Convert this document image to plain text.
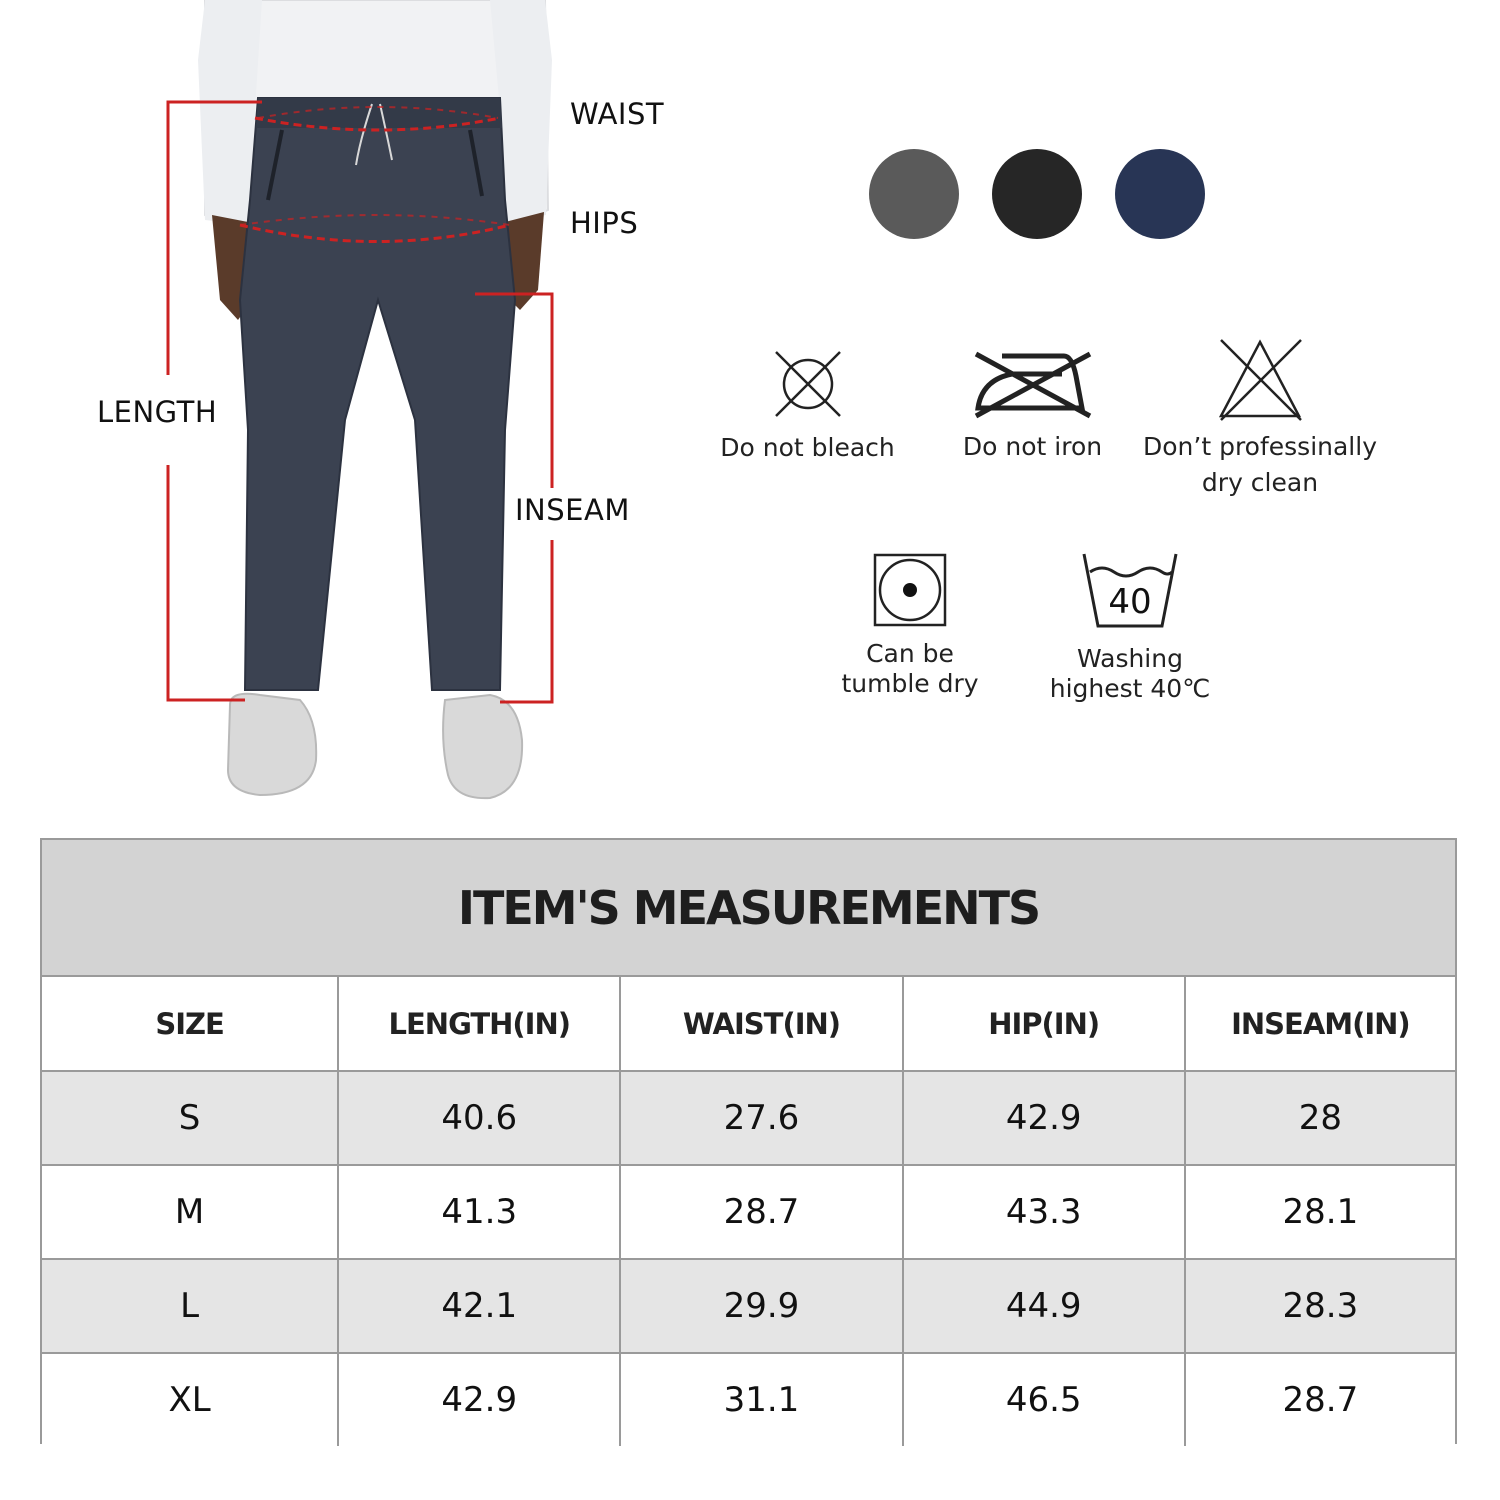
WAIST
HIPS
LENGTH
INSEAM
Do not bleach	Do not iron	Don’t professinally
dry clean
Can be
tumble dry
40
Washing
highest 40℃
ITEM'S MEASUREMENTS
SIZE	LENGTH(IN)	WAIST(IN)	HIP(IN)	INSEAM(IN)
S	40.6	27.6	42.9	28
M	41.3	28.7	43.3	28.1
L	42.1	29.9	44.9	28.3
XL	42.9	31.1	46.5	28.7
